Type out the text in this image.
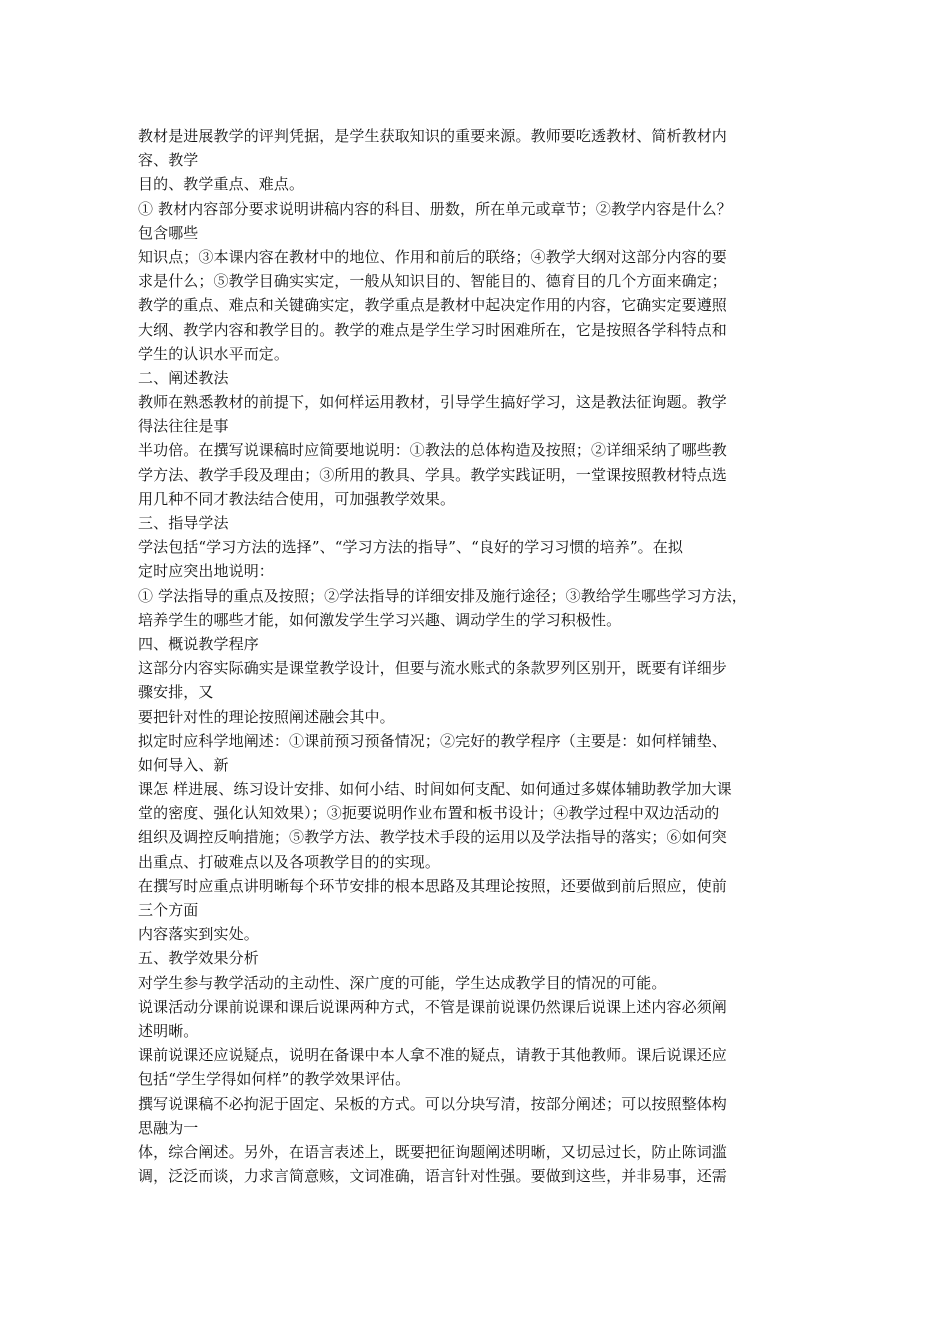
教材是进展教学的评判凭据，是学生获取知识的重要来源。教师要吃透教材、简析教材内
容、教学
目的、教学重点、难点。
① 教材内容部分要求说明讲稿内容的科目、册数，所在单元或章节；②教学内容是什么？
包含哪些
知识点；③本课内容在教材中的地位、作用和前后的联络；④教学大纲对这部分内容的要
求是什么；⑤教学目确实实定，一般从知识目的、智能目的、德育目的几个方面来确定；
教学的重点、难点和关键确实定，教学重点是教材中起决定作用的内容，它确实定要遵照
大纲、教学内容和教学目的。教学的难点是学生学习时困难所在，它是按照各学科特点和
学生的认识水平而定。
二、阐述教法
教师在熟悉教材的前提下，如何样运用教材，引导学生搞好学习，这是教法征询题。教学
得法往往是事
半功倍。在撰写说课稿时应简要地说明：①教法的总体构造及按照；②详细采纳了哪些教
学方法、教学手段及理由；③所用的教具、学具。教学实践证明，一堂课按照教材特点选
用几种不同才教法结合使用，可加强教学效果。
三、指导学法
学法包括“学习方法的选择”、“学习方法的指导”、“良好的学习习惯的培养”。在拟
定时应突出地说明：
① 学法指导的重点及按照；②学法指导的详细安排及施行途径；③教给学生哪些学习方法，
培养学生的哪些才能，如何激发学生学习兴趣、调动学生的学习积极性。
四、概说教学程序
这部分内容实际确实是课堂教学设计，但要与流水账式的条款罗列区别开，既要有详细步
骤安排，又
要把针对性的理论按照阐述融会其中。
拟定时应科学地阐述：①课前预习预备情况；②完好的教学程序（主要是：如何样铺垫、
如何导入、新
课怎 样进展、练习设计安排、如何小结、时间如何支配、如何通过多媒体辅助教学加大课
堂的密度、强化认知效果）；③扼要说明作业布置和板书设计；④教学过程中双边活动的
组织及调控反响措施；⑤教学方法、教学技术手段的运用以及学法指导的落实；⑥如何突
出重点、打破难点以及各项教学目的的实现。
在撰写时应重点讲明晰每个环节安排的根本思路及其理论按照，还要做到前后照应，使前
三个方面
内容落实到实处。
五、教学效果分析
对学生参与教学活动的主动性、深广度的可能，学生达成教学目的情况的可能。
说课活动分课前说课和课后说课两种方式，不管是课前说课仍然课后说课上述内容必须阐
述明晰。
课前说课还应说疑点，说明在备课中本人拿不准的疑点，请教于其他教师。课后说课还应
包括“学生学得如何样”的教学效果评估。
撰写说课稿不必拘泥于固定、呆板的方式。可以分块写清，按部分阐述；可以按照整体构
思融为一
体，综合阐述。另外，在语言表述上，既要把征询题阐述明晰，又切忌过长，防止陈词滥
调，泛泛而谈，力求言简意赅，文词准确，语言针对性强。要做到这些，并非易事，还需
